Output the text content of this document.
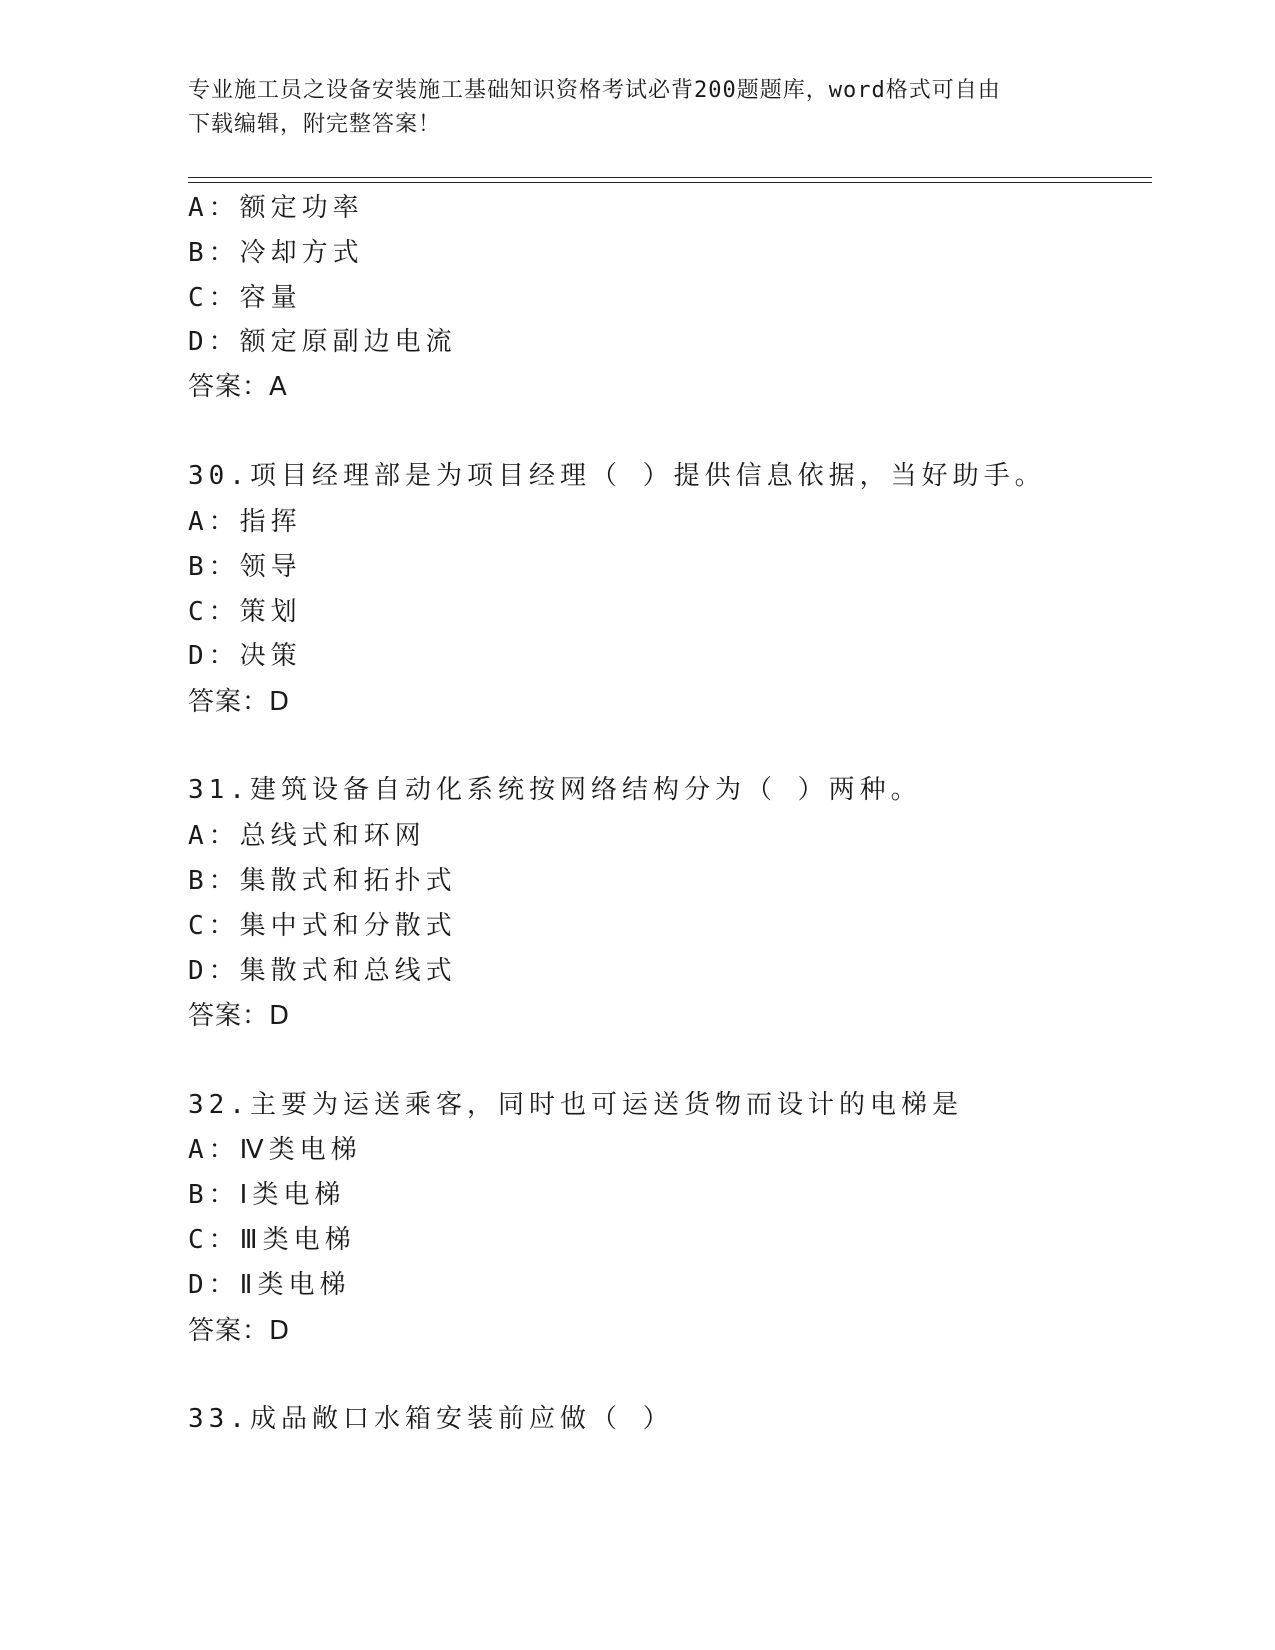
专业施工员之设备安装施工基础知识资格考试必背200题题库，word格式可自由
下载编辑，附完整答案！
A：额定功率
B：冷却方式
C：容量
D：额定原副边电流
答案：A
30.项目经理部是为项目经理（ ）提供信息依据，当好助手。
A：指挥
B：领导
C：策划
D：决策
答案：D
31.建筑设备自动化系统按网络结构分为（ ）两种。
A：总线式和环网
B：集散式和拓扑式
C：集中式和分散式
D：集散式和总线式
答案：D
32.主要为运送乘客，同时也可运送货物而设计的电梯是
A：Ⅳ类电梯
B：Ⅰ类电梯
C：Ⅲ类电梯
D：Ⅱ类电梯
答案：D
33.成品敞口水箱安装前应做（ ）
